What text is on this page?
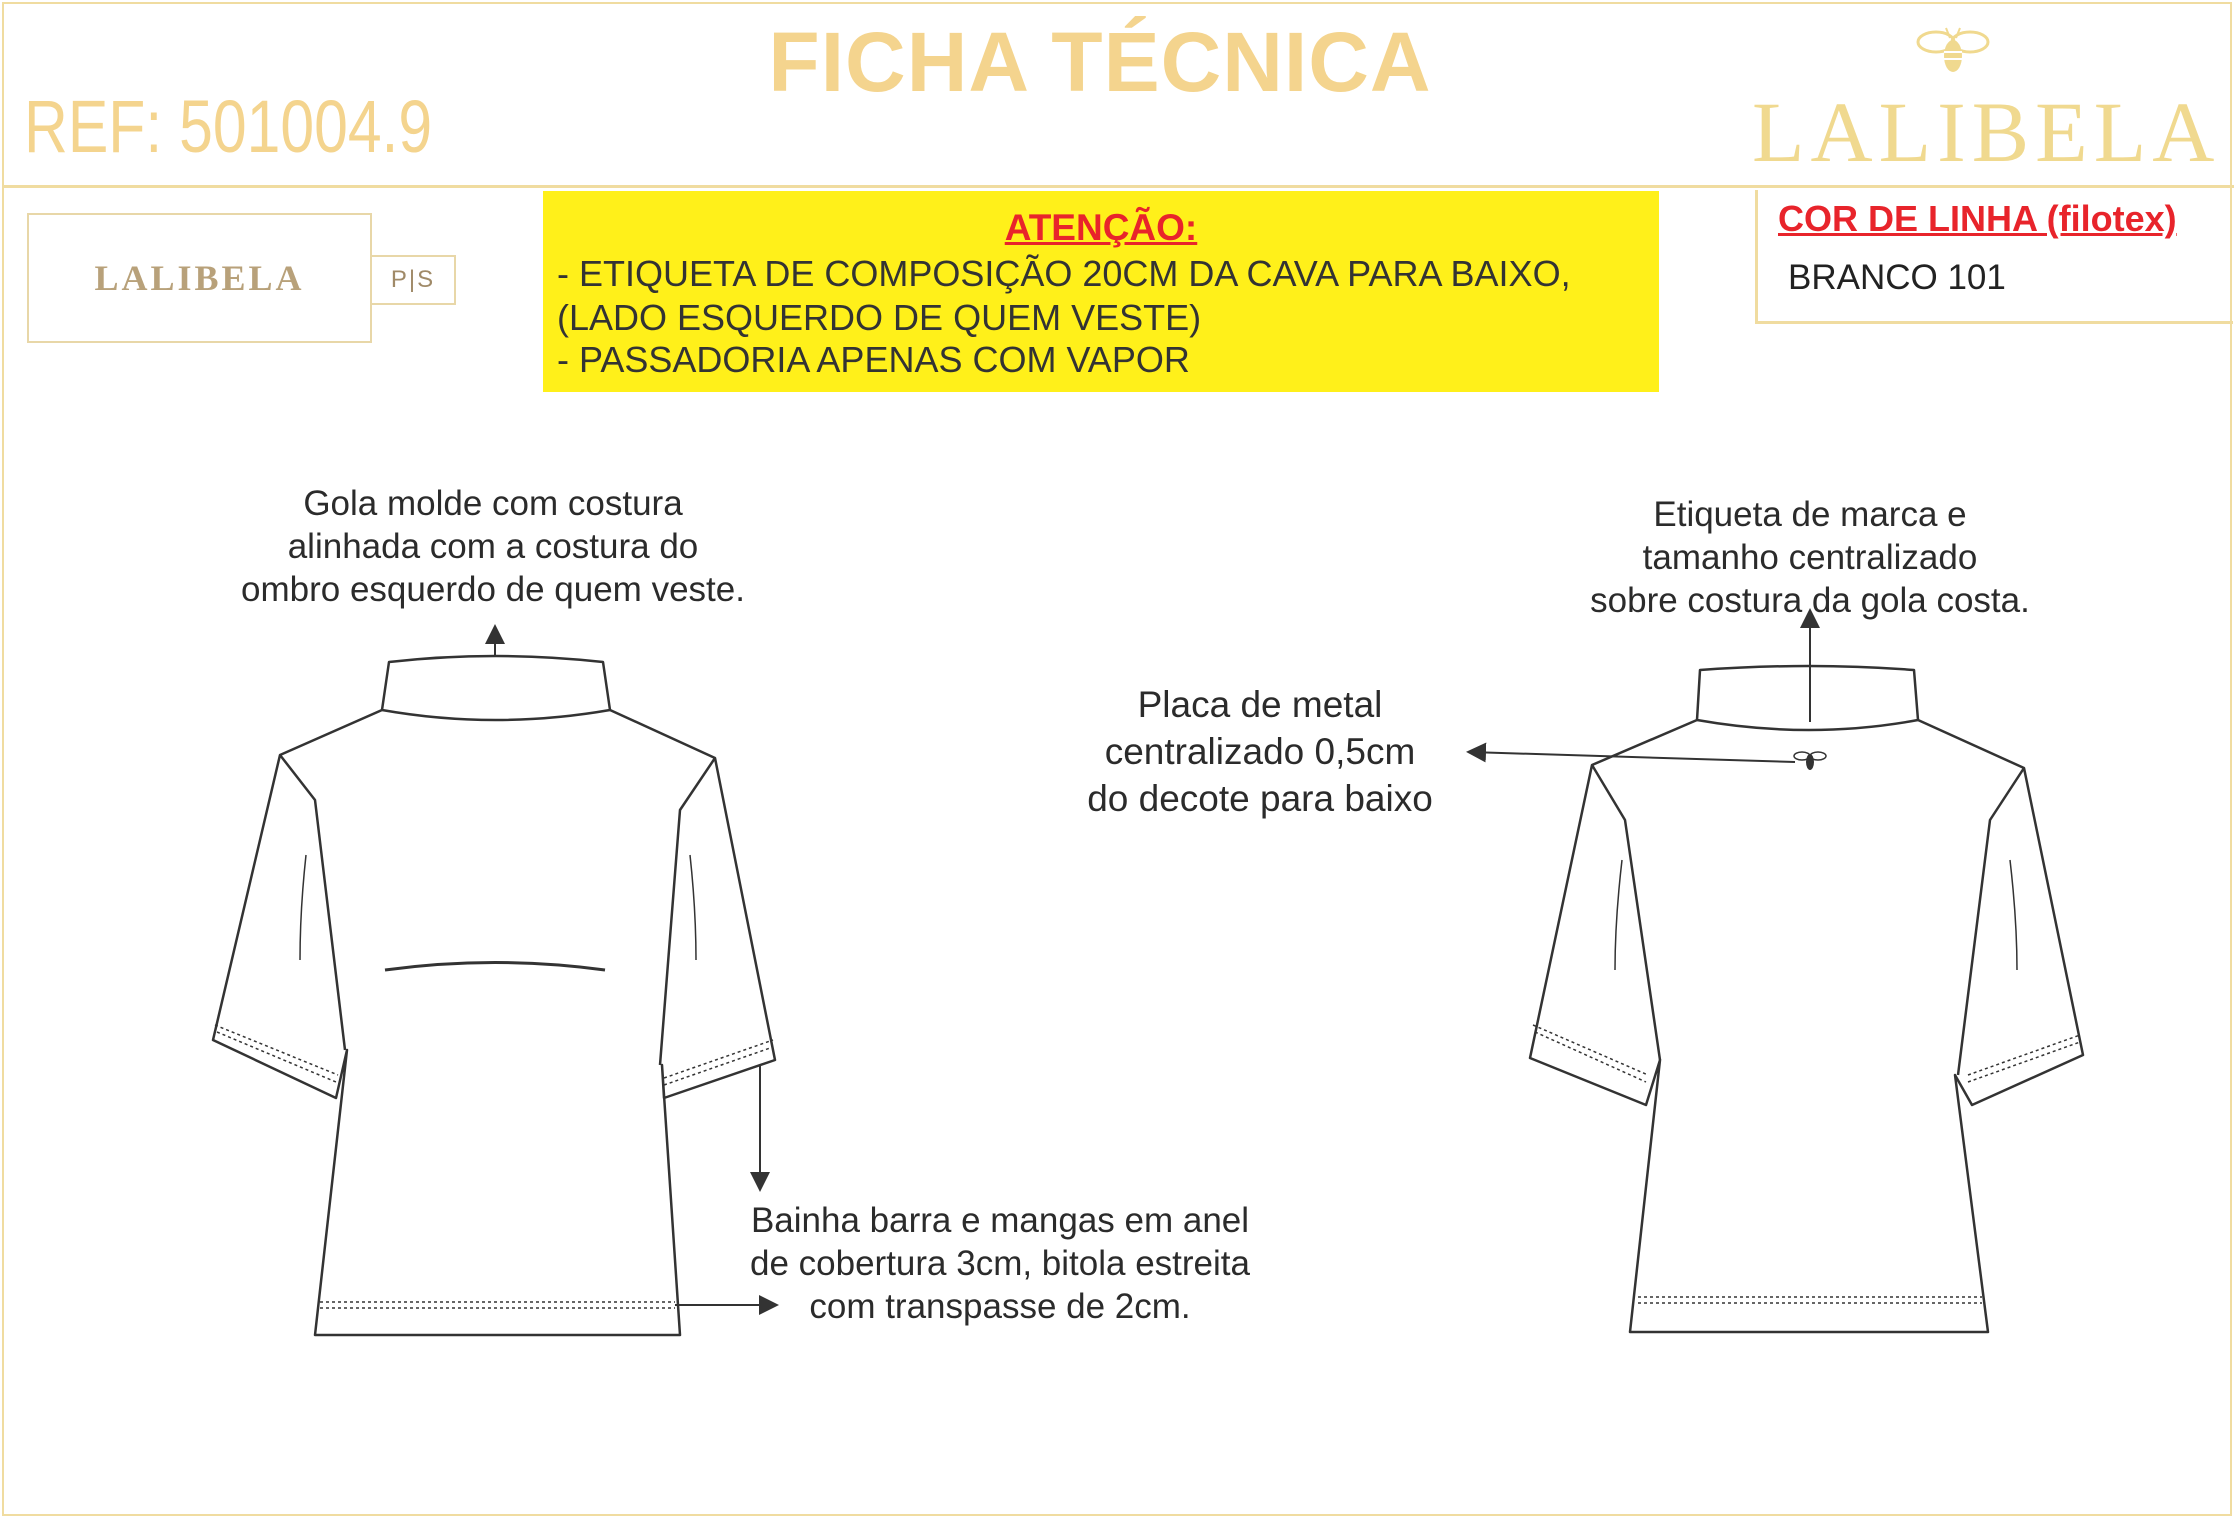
FICHA TÉCNICA
REF: 501004.9	LALIBELA
LALIBELA	P|S
ATENÇÃO:
- ETIQUETA DE COMPOSIÇÃO 20CM DA CAVA PARA BAIXO,
(LADO ESQUERDO DE QUEM VESTE)
- PASSADORIA APENAS COM VAPOR
COR DE LINHA (filotex)
BRANCO 101
Gola molde com costura
alinhada com a costura do
ombro esquerdo de quem veste.
Etiqueta de marca e
tamanho centralizado
sobre costura da gola costa.
Placa de metal
centralizado 0,5cm
do decote para baixo
Bainha barra e mangas em anel
de cobertura 3cm, bitola estreita
com transpasse de 2cm.
